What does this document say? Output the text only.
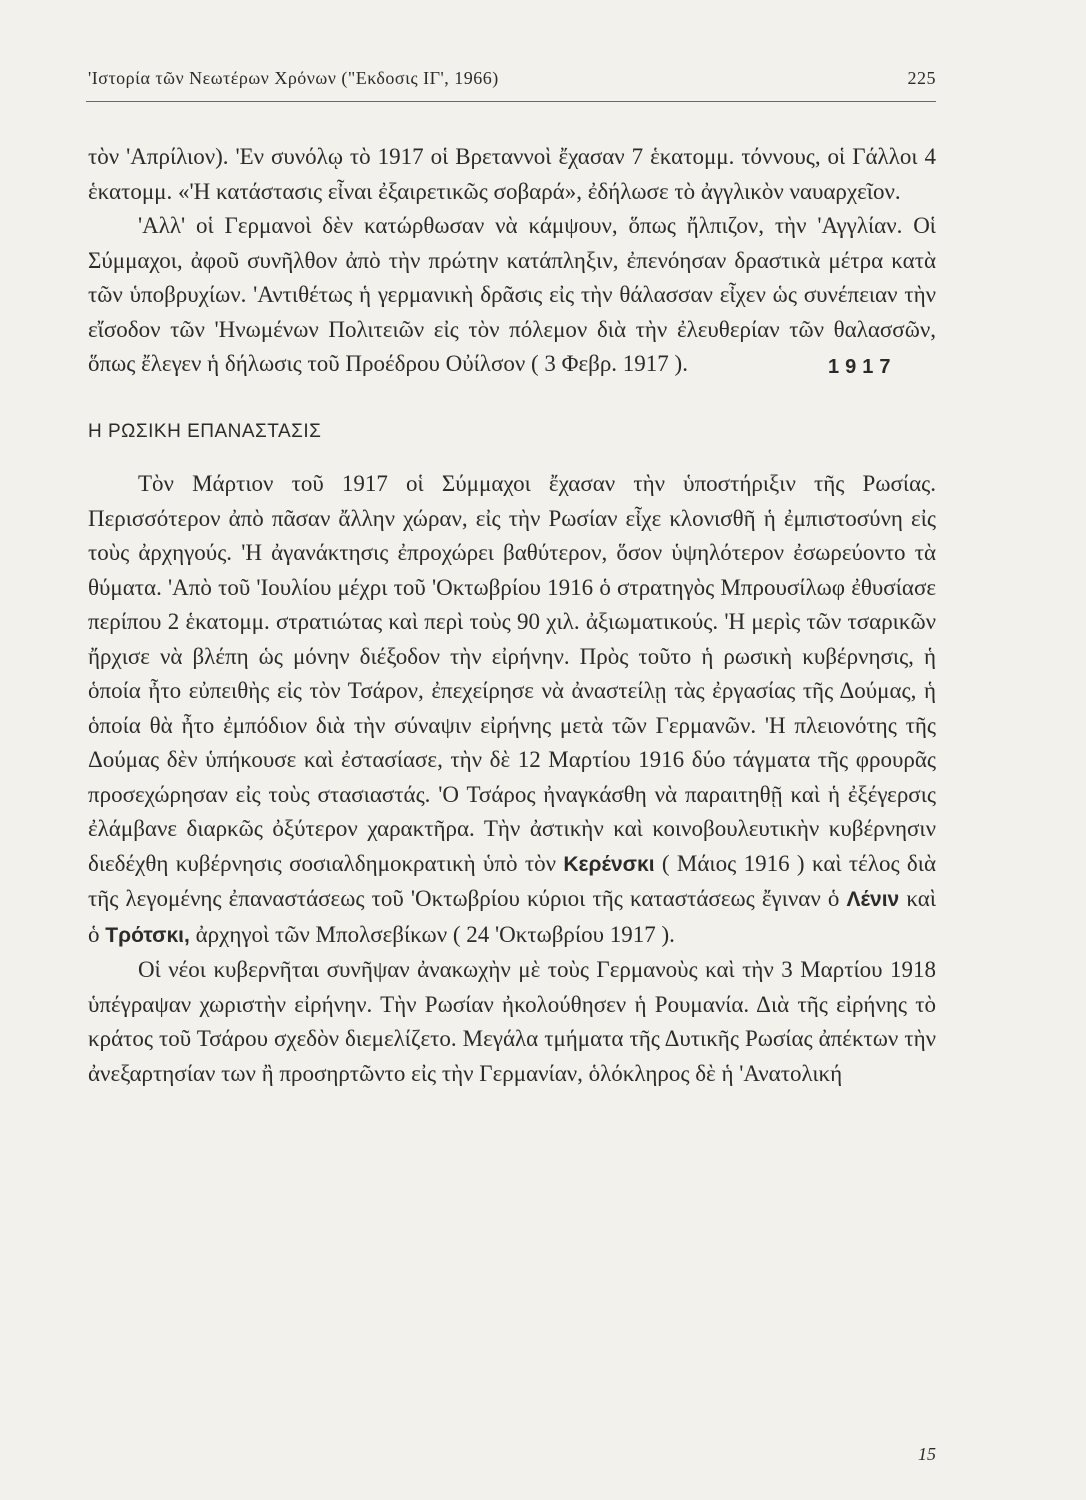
'Ιστορία τῶν Νεωτέρων Χρόνων ("Εκδοσις ΙΓ', 1966)	225
1917

τὸν 'Απρίλιον). 'Εν συνόλῳ τὸ 1917 οἱ Βρεταννοὶ ἔχασαν 7 ἑκατομμ. τόννους, οἱ Γάλλοι 4 ἑκατομμ. «'Η κατάστασις εἶναι ἐξαιρετικῶς σοβαρά», ἐδήλωσε τὸ ἀγγλικὸν ναυαρχεῖον.

'Αλλ' οἱ Γερμανοὶ δὲν κατώρθωσαν νὰ κάμψουν, ὅπως ἤλπιζον, τὴν 'Αγγλίαν. Οἱ Σύμμαχοι, ἀφοῦ συνῆλθον ἀπὸ τὴν πρώτην κατάπληξιν, ἐπενόησαν δραστικὰ μέτρα κατὰ τῶν ὑποβρυχίων. 'Αντιθέτως ἡ γερμανικὴ δρᾶσις εἰς τὴν θάλασσαν εἶχεν ὡς συνέπειαν τὴν εἴσοδον τῶν 'Ηνωμένων Πολιτειῶν εἰς τὸν πόλεμον διὰ τὴν ἐλευθερίαν τῶν θαλασσῶν, ὅπως ἔλεγεν ἡ δήλωσις τοῦ Προέδρου Οὐίλσον ( 3 Φεβρ. 1917 ).

Η ΡΩΣΙΚΗ ΕΠΑΝΑΣΤΑΣΙΣ

Τὸν Μάρτιον τοῦ 1917 οἱ Σύμμαχοι ἔχασαν τὴν ὑποστήριξιν τῆς Ρωσίας. Περισσότερον ἀπὸ πᾶσαν ἄλλην χώραν, εἰς τὴν Ρωσίαν εἶχε κλονισθῆ ἡ ἐμπιστοσύνη εἰς τοὺς ἀρχηγούς. 'Η ἀγανάκτησις ἐπροχώρει βαθύτερον, ὅσον ὑψηλότερον ἐσωρεύοντο τὰ θύματα. 'Απὸ τοῦ 'Ιουλίου μέχρι τοῦ 'Οκτωβρίου 1916 ὁ στρατηγὸς Μπρουσίλωφ ἐθυσίασε περίπου 2 ἑκατομμ. στρατιώτας καὶ περὶ τοὺς 90 χιλ. ἀξιωματικούς. 'Η μερὶς τῶν τσαρικῶν ἤρχισε νὰ βλέπη ὡς μόνην διέξοδον τὴν εἰρήνην. Πρὸς τοῦτο ἡ ρωσικὴ κυβέρνησις, ἡ ὁποία ἦτο εὐπειθὴς εἰς τὸν Τσάρον, ἐπεχείρησε νὰ ἀναστείλῃ τὰς ἐργασίας τῆς Δούμας, ἡ ὁποία θὰ ἦτο ἐμπόδιον διὰ τὴν σύναψιν εἰρήνης μετὰ τῶν Γερμανῶν. 'Η πλειονότης τῆς Δούμας δὲν ὑπήκουσε καὶ ἐστασίασε, τὴν δὲ 12 Μαρτίου 1916 δύο τάγματα τῆς φρουρᾶς προσεχώρησαν εἰς τοὺς στασιαστάς. 'Ο Τσάρος ἠναγκάσθη νὰ παραιτηθῇ καὶ ἡ ἐξέγερσις ἐλάμβανε διαρκῶς ὀξύτερον χαρακτῆρα. Τὴν ἀστικὴν καὶ κοινοβουλευτικὴν κυβέρνησιν διεδέχθη κυβέρνησις σοσιαλδημοκρατικὴ ὑπὸ τὸν Κερένσκι ( Μάιος 1916 ) καὶ τέλος διὰ τῆς λεγομένης ἐπαναστάσεως τοῦ 'Οκτωβρίου κύριοι τῆς καταστάσεως ἔγιναν ὁ Λένιν καὶ ὁ Τρότσκι, ἀρχηγοὶ τῶν Μπολσεβίκων ( 24 'Οκτωβρίου 1917 ).

Οἱ νέοι κυβερνῆται συνῆψαν ἀνακωχὴν μὲ τοὺς Γερμανοὺς καὶ τὴν 3 Μαρτίου 1918 ὑπέγραψαν χωριστὴν εἰρήνην. Τὴν Ρωσίαν ἠκολούθησεν ἡ Ρουμανία. Διὰ τῆς εἰρήνης τὸ κράτος τοῦ Τσάρου σχεδὸν διεμελίζετο. Μεγάλα τμήματα τῆς Δυτικῆς Ρωσίας ἀπέκτων τὴν ἀνεξαρτησίαν των ἢ προσηρτῶντο εἰς τὴν Γερμανίαν, ὁλόκληρος δὲ ἡ 'Ανατολική

15
